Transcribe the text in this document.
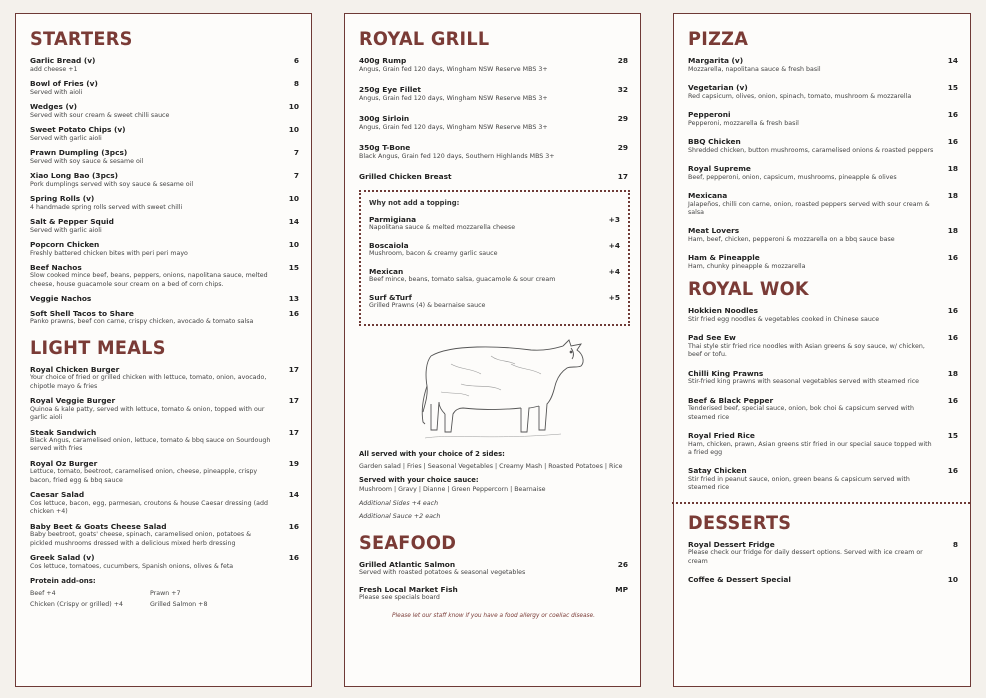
STARTERS
Garlic Bread (v)	6
add cheese +1
Bowl of Fries (v)	8
Served with aioli
Wedges (v)	10
Served with sour cream & sweet chilli sauce
Sweet Potato Chips (v)	10
Served with garlic aioli
Prawn Dumpling (3pcs)	7
Served with soy sauce & sesame oil
Xiao Long Bao (3pcs)	7
Pork dumplings served with soy sauce & sesame oil
Spring Rolls (v)	10
4 handmade spring rolls served with sweet chilli
Salt & Pepper Squid	14
Served with garlic aioli
Popcorn Chicken	10
Freshly battered chicken bites with peri peri mayo
Beef Nachos	15
Slow cooked mince beef, beans, peppers, onions, napolitana sauce, melted cheese, house guacamole sour cream on a bed of corn chips.
Veggie Nachos	13
Soft Shell Tacos to Share	16
Panko prawns, beef con carne, crispy chicken, avocado & tomato salsa
LIGHT MEALS
Royal Chicken Burger	17
Your choice of fried or grilled chicken with lettuce, tomato, onion, avocado, chipotle mayo & fries
Royal Veggie Burger	17
Quinoa & kale patty, served with lettuce, tomato & onion, topped with our garlic aioli
Steak Sandwich	17
Black Angus, caramelised onion, lettuce, tomato & bbq sauce on Sourdough served with fries
Royal Oz Burger	19
Lettuce, tomato, beetroot, caramelised onion, cheese, pineapple, crispy bacon, fried egg & bbq sauce
Caesar Salad	14
Cos lettuce, bacon, egg, parmesan, croutons & house Caesar dressing (add chicken +4)
Baby Beet & Goats Cheese Salad	16
Baby beetroot, goats' cheese, spinach, caramelised onion, potatoes & pickled mushrooms dressed with a delicious mixed herb dressing
Greek Salad (v)	16
Cos lettuce, tomatoes, cucumbers, Spanish onions, olives & feta
Protein add-ons:
Beef +4	Prawn +7
Chicken (Crispy or grilled) +4	Grilled Salmon +8
ROYAL GRILL
400g Rump	28
Angus, Grain fed 120 days, Wingham NSW Reserve MBS 3+
250g Eye Fillet	32
Angus, Grain fed 120 days, Wingham NSW Reserve MBS 3+
300g Sirloin	29
Angus, Grain fed 120 days, Wingham NSW Reserve MBS 3+
350g T-Bone	29
Black Angus, Grain fed 120 days, Southern Highlands MBS 3+
Grilled Chicken Breast	17
Why not add a topping:
Parmigiana	+3
Napolitana sauce & melted mozzarella cheese
Boscaiola	+4
Mushroom, bacon & creamy garlic sauce
Mexican	+4
Beef mince, beans, tomato salsa, guacamole & sour cream
Surf &Turf	+5
Grilled Prawns (4) & bearnaise sauce
All served with your choice of 2 sides:
Garden salad | Fries | Seasonal Vegetables | Creamy Mash | Roasted Potatoes | Rice
Served with your choice sauce:
Mushroom | Gravy | Dianne | Green Peppercorn | Bearnaise
Additional Sides +4 each
Additional Sauce +2 each
SEAFOOD
Grilled Atlantic Salmon	26
Served with roasted potatoes & seasonal vegetables
Fresh Local Market Fish	MP
Please see specials board
Please let our staff know if you have a food allergy or coeliac disease.
PIZZA
Margarita (v)	14
Mozzarella, napolitana sauce & fresh basil
Vegetarian (v)	15
Red capsicum, olives, onion, spinach, tomato, mushroom & mozzarella
Pepperoni	16
Pepperoni, mozzarella & fresh basil
BBQ Chicken	16
Shredded chicken, button mushrooms, caramelised onions & roasted peppers
Royal Supreme	18
Beef, pepperoni, onion, capsicum, mushrooms, pineapple & olives
Mexicana	18
Jalapeños, chilli con carne, onion, roasted peppers served with sour cream & salsa
Meat Lovers	18
Ham, beef, chicken, pepperoni & mozzarella on a bbq sauce base
Ham & Pineapple	16
Ham, chunky pineapple & mozzarella
ROYAL WOK
Hokkien Noodles	16
Stir fried egg noodles & vegetables cooked in Chinese sauce
Pad See Ew	16
Thai style stir fried rice noodles with Asian greens & soy sauce, w/ chicken, beef or tofu.
Chilli King Prawns	18
Stir-fried king prawns with seasonal vegetables served with steamed rice
Beef & Black Pepper	16
Tenderised beef, special sauce, onion, bok choi & capsicum served with steamed rice
Royal Fried Rice	15
Ham, chicken, prawn, Asian greens stir fried in our special sauce topped with a fried egg
Satay Chicken	16
Stir fried in peanut sauce, onion, green beans & capsicum served with steamed rice
DESSERTS
Royal Dessert Fridge	8
Please check our fridge for daily dessert options. Served with ice cream or cream
Coffee & Dessert Special	10
